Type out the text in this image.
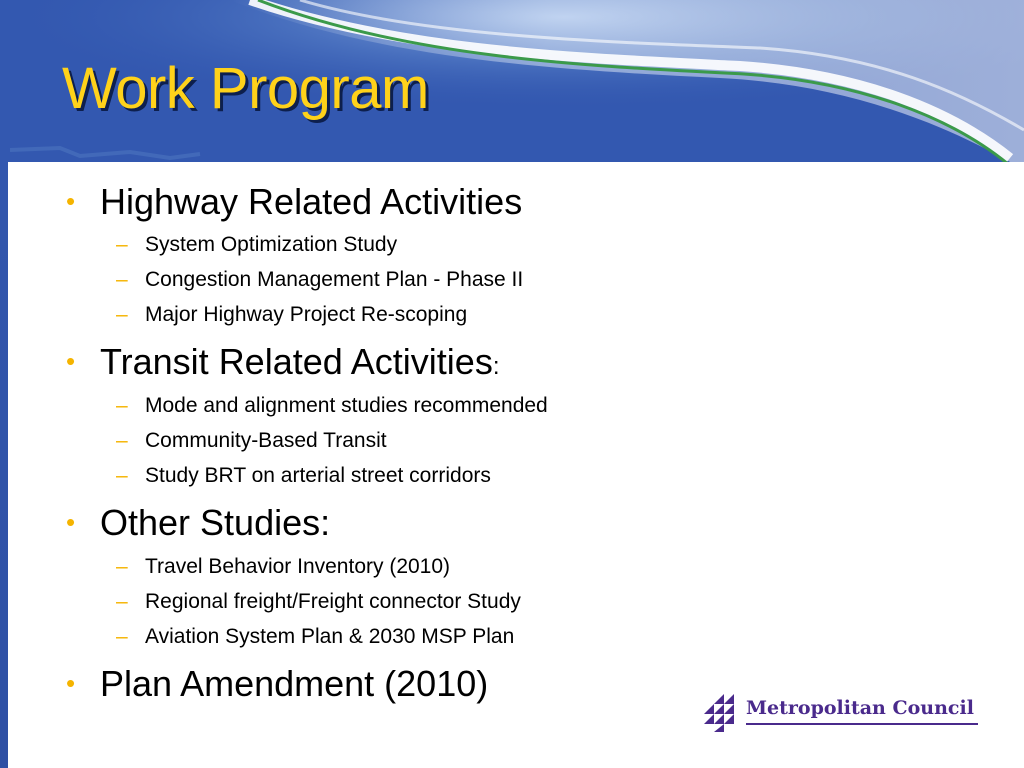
Work Program
• Highway Related Activities
– System Optimization Study
– Congestion Management Plan - Phase II
– Major Highway Project Re-scoping
• Transit Related Activities :
– Mode and alignment studies recommended
– Community-Based Transit
– Study BRT on arterial street corridors
• Other Studies:
– Travel Behavior Inventory (2010)
– Regional freight/Freight connector Study
– Aviation System Plan & 2030 MSP Plan
• Plan Amendment (2010)
Metropolitan Council
